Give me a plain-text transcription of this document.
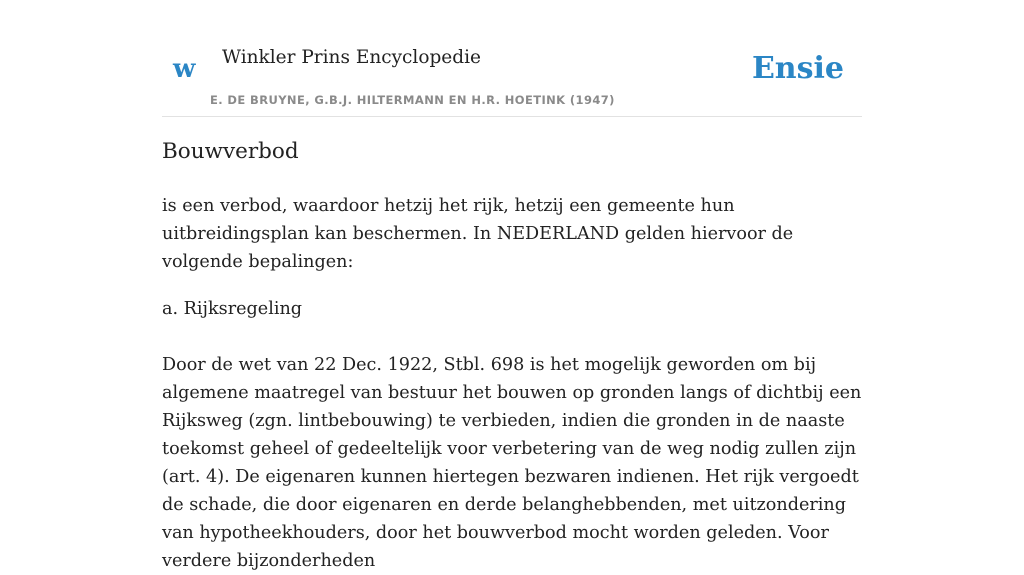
w Winkler Prins Encyclopedie
E. DE BRUYNE, G.B.J. HILTERMANN EN H.R. HOETINK (1947)
Ensie
Bouwverbod

is een verbod, waardoor hetzij het rijk, hetzij een gemeente hun uitbreidingsplan kan beschermen. In NEDERLAND gelden hiervoor de volgende bepalingen:

a. Rijksregeling

Door de wet van 22 Dec. 1922, Stbl. 698 is het mogelijk geworden om bij algemene maatregel van bestuur het bouwen op gronden langs of dichtbij een Rijksweg (zgn. lintbebouwing) te verbieden, indien die gronden in de naaste toekomst geheel of gedeeltelijk voor verbetering van de weg nodig zullen zijn (art. 4). De eigenaren kunnen hiertegen bezwaren indienen. Het rijk vergoedt de schade, die door eigenaren en derde belanghebbenden, met uitzondering van hypotheekhouders, door het bouwverbod mocht worden geleden. Voor verdere bijzonderheden
